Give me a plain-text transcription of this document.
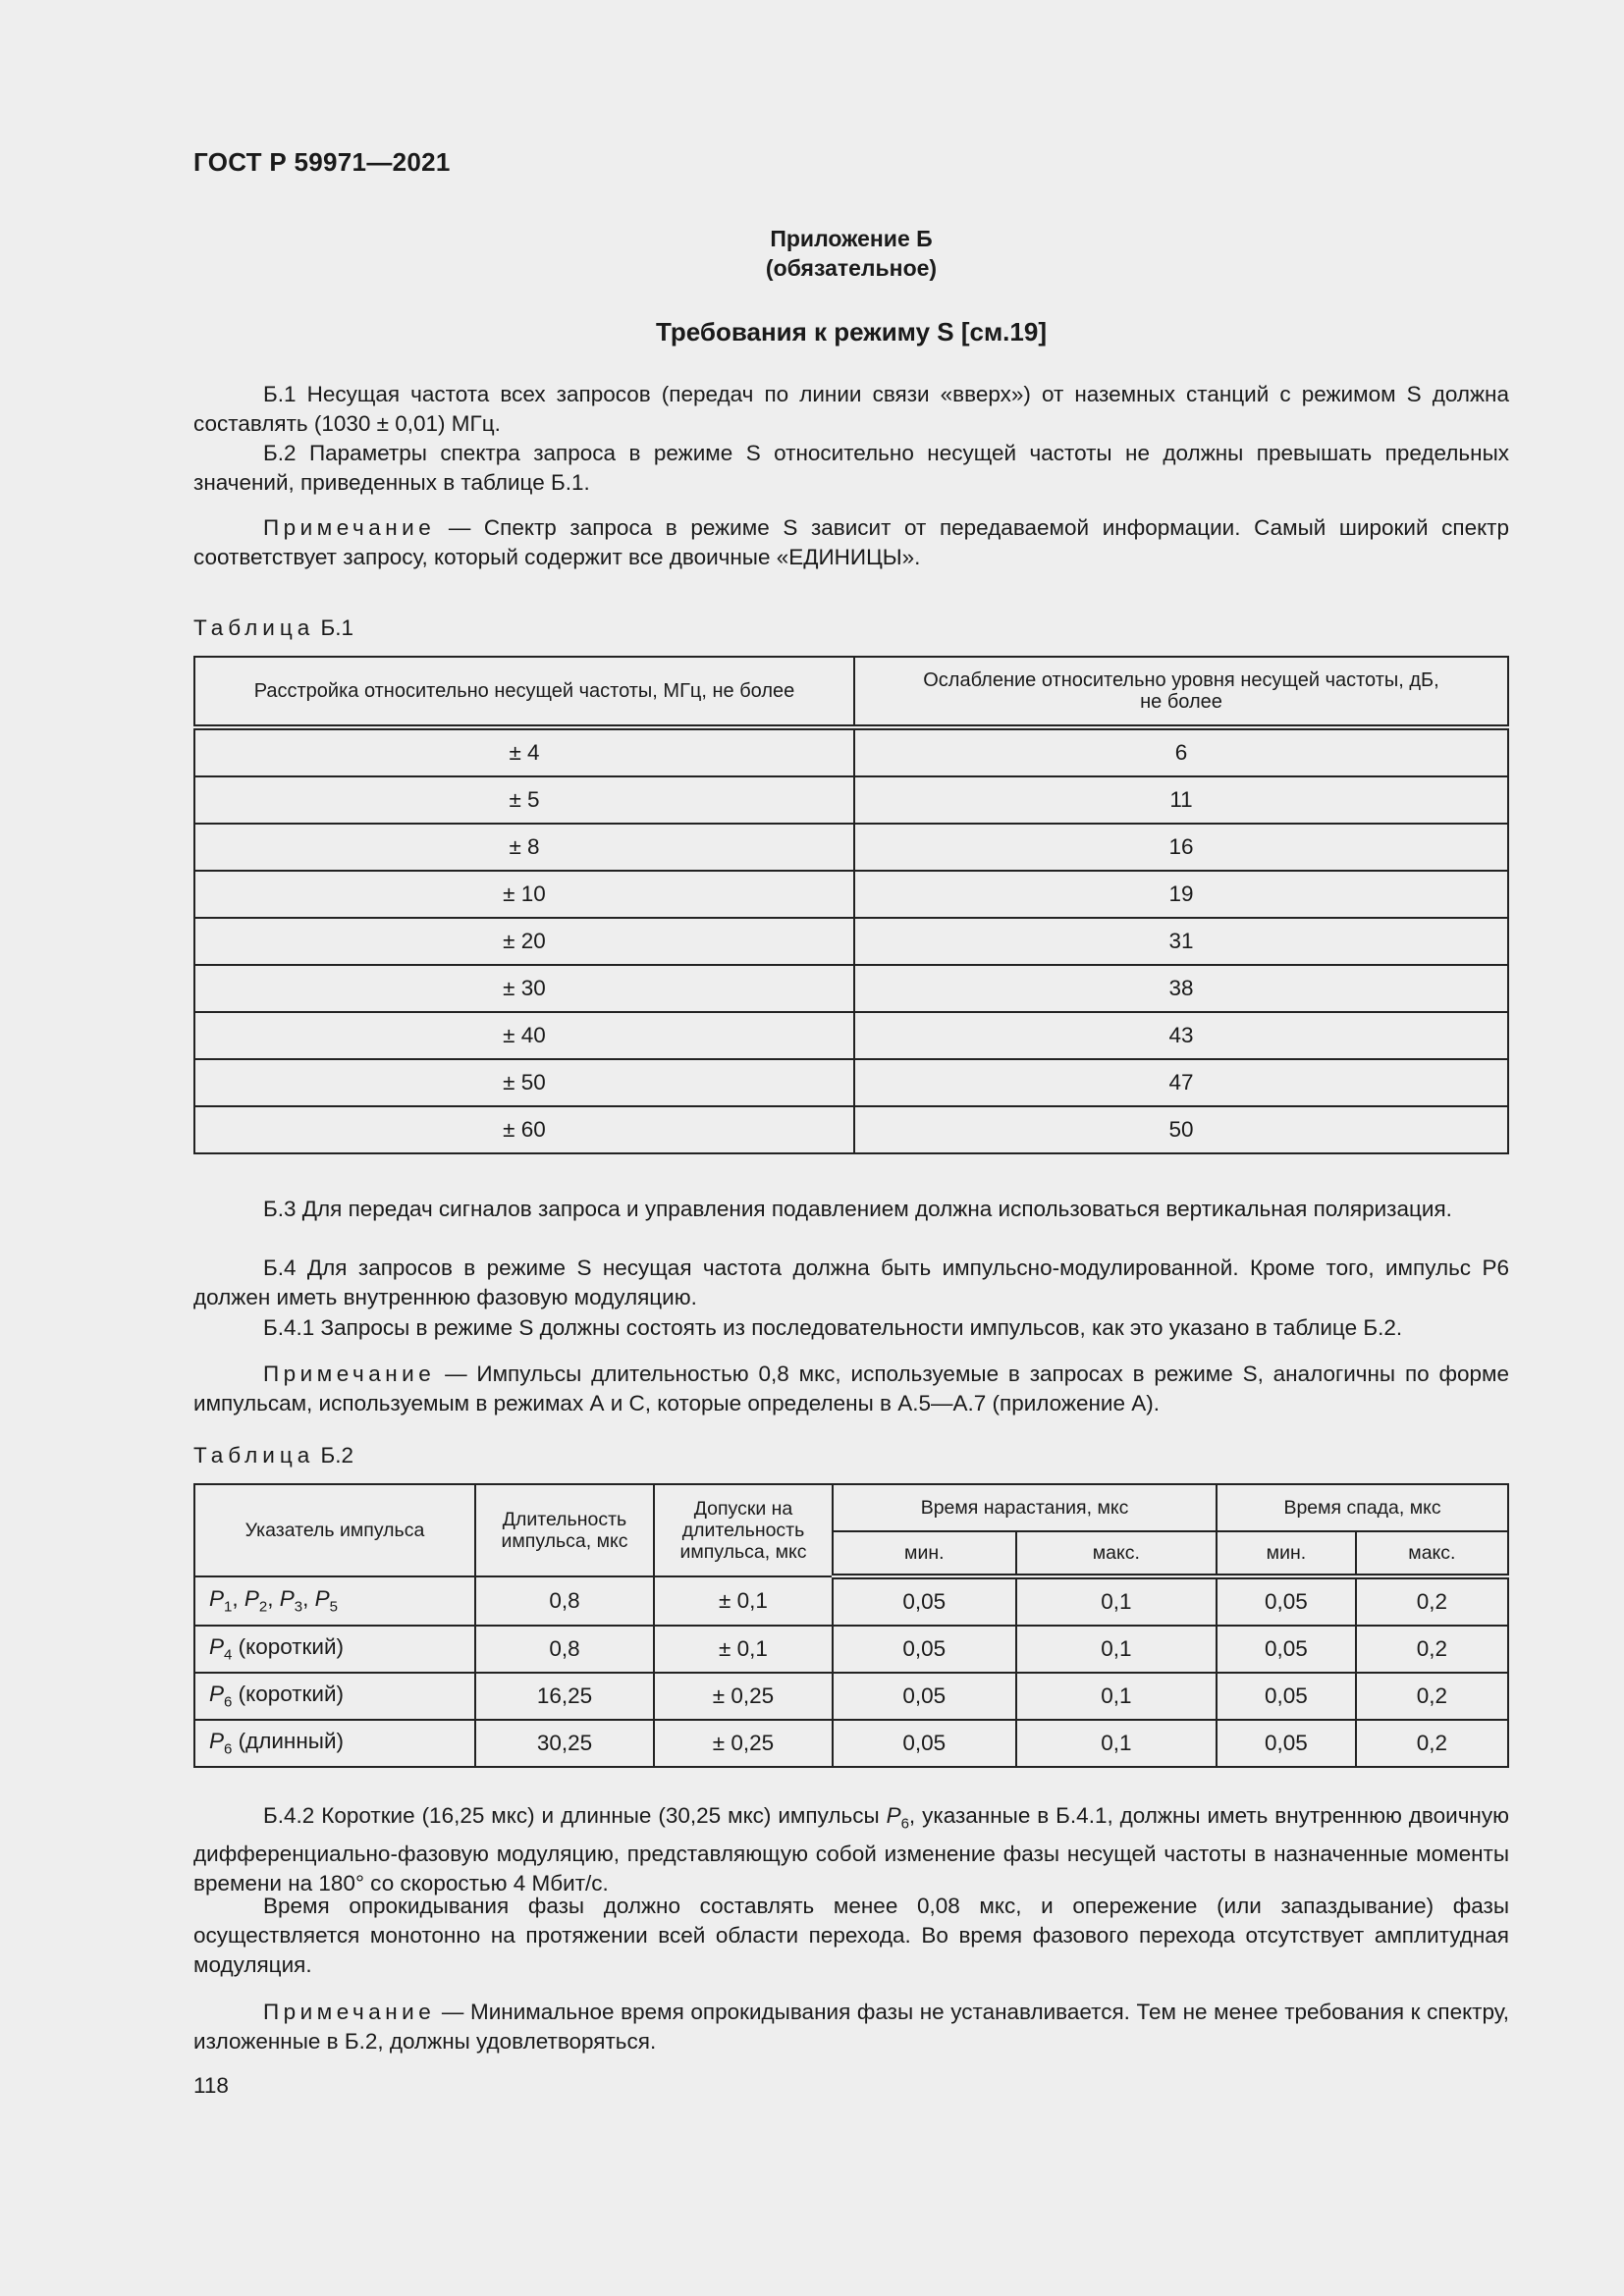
ГОСТ Р 59971—2021
Приложение Б
(обязательное)
Требования к режиму S [см.19]
Б.1 Несущая частота всех запросов (передач по линии связи «вверх») от наземных станций с режимом S должна составлять (1030 ± 0,01) МГц.
Б.2 Параметры спектра запроса в режиме S относительно несущей частоты не должны превышать предельных значений, приведенных в таблице Б.1.
Примечание — Спектр запроса в режиме S зависит от передаваемой информации. Самый широкий спектр соответствует запросу, который содержит все двоичные «ЕДИНИЦЫ».
Таблица Б.1
Расстройка относительно несущей частоты, МГц, не более	Ослабление относительно уровня несущей частоты, дБ,
не более

± 4	6
± 5	11
± 8	16
± 10	19
± 20	31
± 30	38
± 40	43
± 50	47
± 60	50
Б.3 Для передач сигналов запроса и управления подавлением должна использоваться вертикальная поляризация.
Б.4 Для запросов в режиме S несущая частота должна быть импульсно-модулированной. Кроме того, импульс P6 должен иметь внутреннюю фазовую модуляцию.
Б.4.1 Запросы в режиме S должны состоять из последовательности импульсов, как это указано в таблице Б.2.
Примечание — Импульсы длительностью 0,8 мкс, используемые в запросах в режиме S, аналогичны по форме импульсам, используемым в режимах А и С, которые определены в А.5—А.7 (приложение А).
Таблица Б.2
Указатель импульса	Длительность импульса, мкс	Допуски на длительность импульса, мкс	Время нарастания, мкс		Время спада, мкс	
			мин.	макс.	мин.	макс.
$P_1$, $P_2$, $P_3$, $P_5$	0,8	± 0,1	0,05	0,1	0,05	0,2
$P_4$ (короткий)	0,8	± 0,1	0,05	0,1	0,05	0,2
$P_6$ (короткий)	16,25	± 0,25	0,05	0,1	0,05	0,2
$P_6$ (длинный)	30,25	± 0,25	0,05	0,1	0,05	0,2
Б.4.2 Короткие (16,25 мкс) и длинные (30,25 мкс) импульсы $P_6$, указанные в Б.4.1, должны иметь внутреннюю двоичную дифференциально-фазовую модуляцию, представляющую собой изменение фазы несущей частоты в назначенные моменты времени на 180° со скоростью 4 Мбит/с.
Время опрокидывания фазы должно составлять менее 0,08 мкс, и опережение (или запаздывание) фазы осуществляется монотонно на протяжении всей области перехода. Во время фазового перехода отсутствует амплитудная модуляция.
Примечание — Минимальное время опрокидывания фазы не устанавливается. Тем не менее требования к спектру, изложенные в Б.2, должны удовлетворяться.
118
